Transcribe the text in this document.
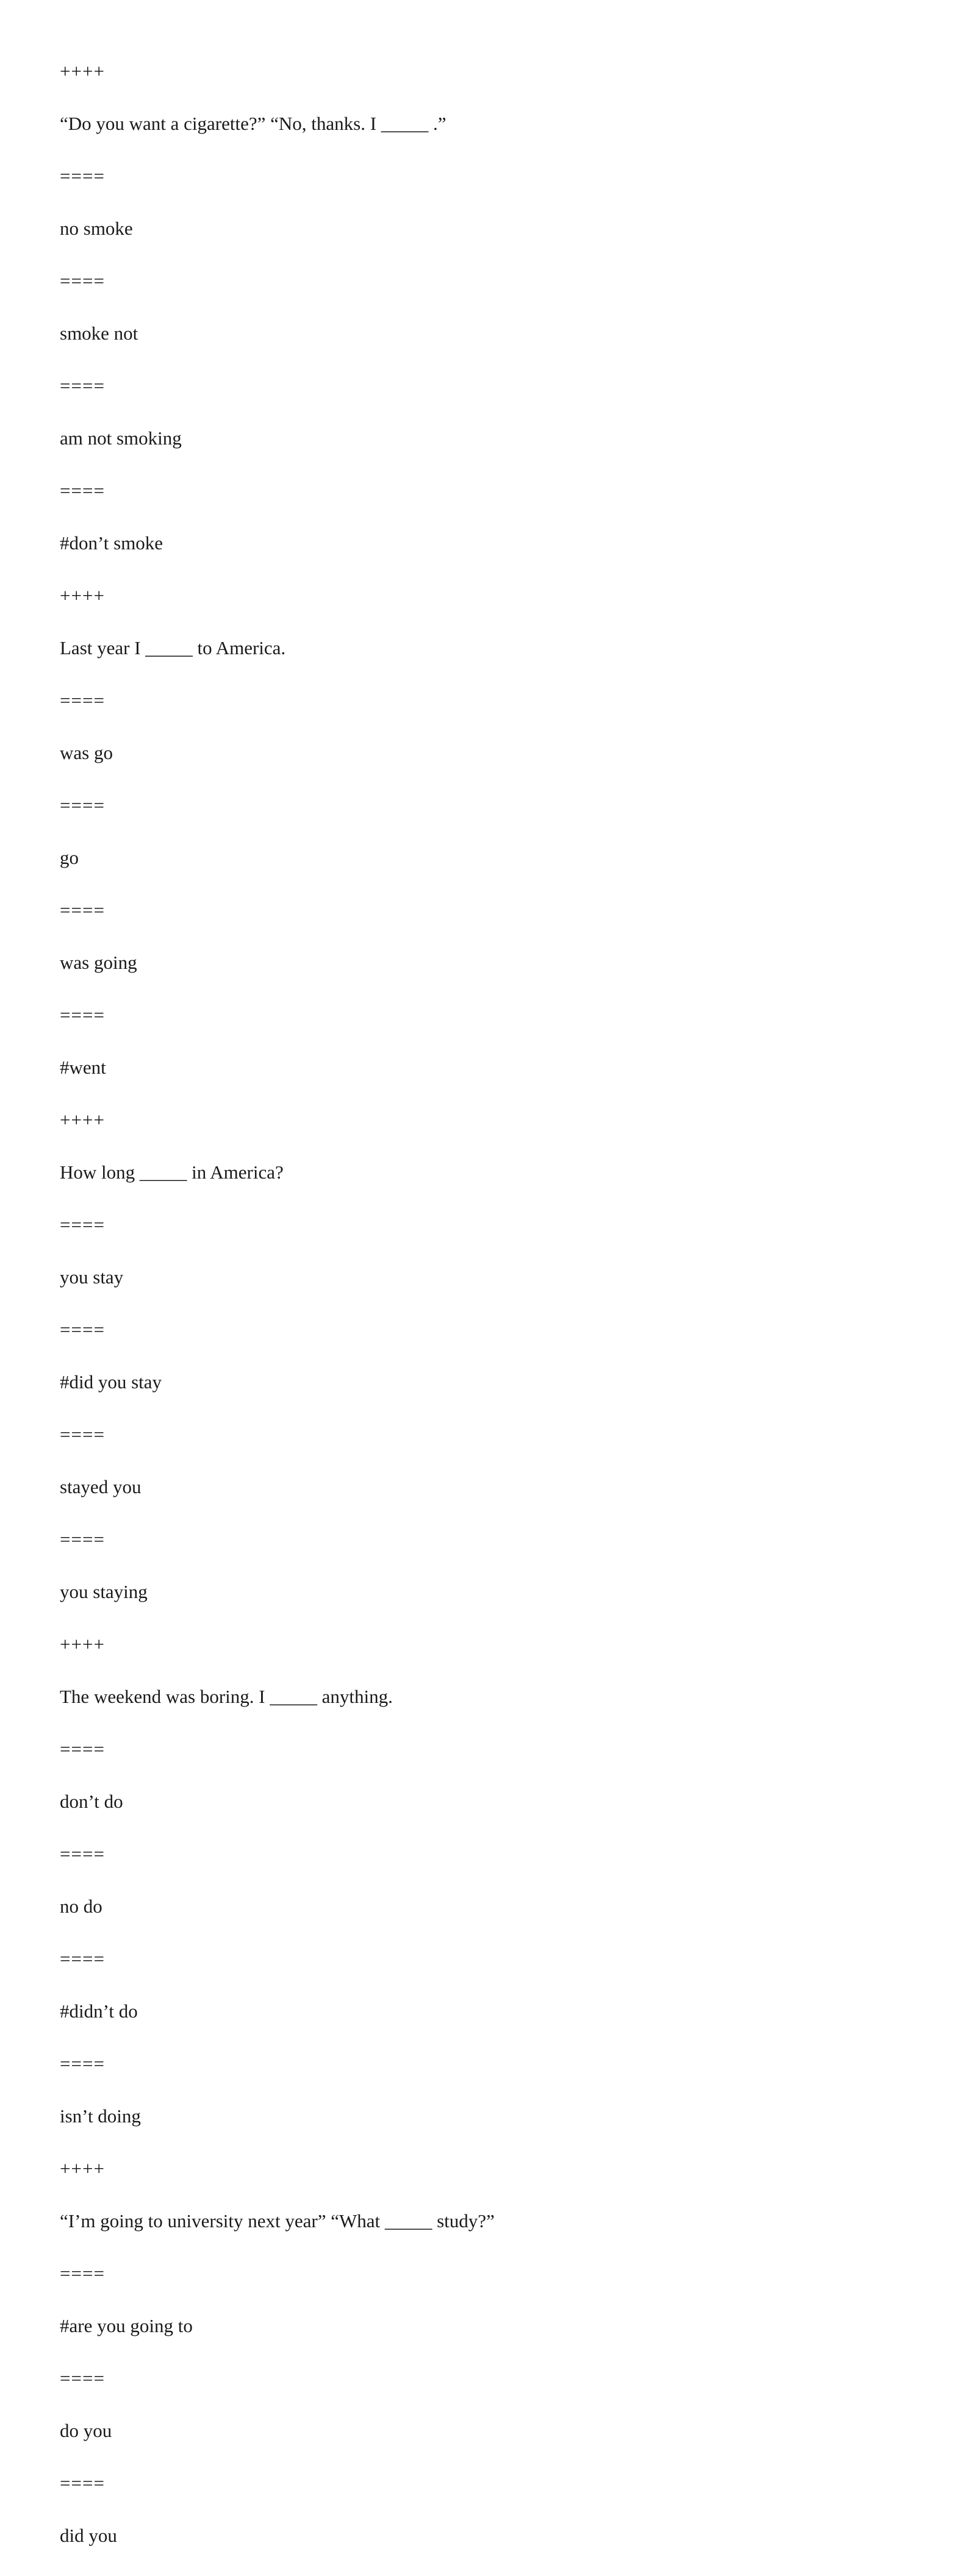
++++
“Do you want a cigarette?” “No, thanks. I _____ .”
====
no smoke
====
smoke not
====
am not smoking
====
#don’t smoke
++++
Last year I _____ to America.
====
was go
====
go
====
was going
====
#went
++++
How long _____ in America?
====
you stay
====
#did you stay
====
stayed you
====
you staying
++++
The weekend was boring. I _____ anything.
====
don’t do
====
no do
====
#didn’t do
====
isn’t doing
++++
“I’m going to university next year” “What _____ study?”
====
#are you going to
====
do you
====
did you
